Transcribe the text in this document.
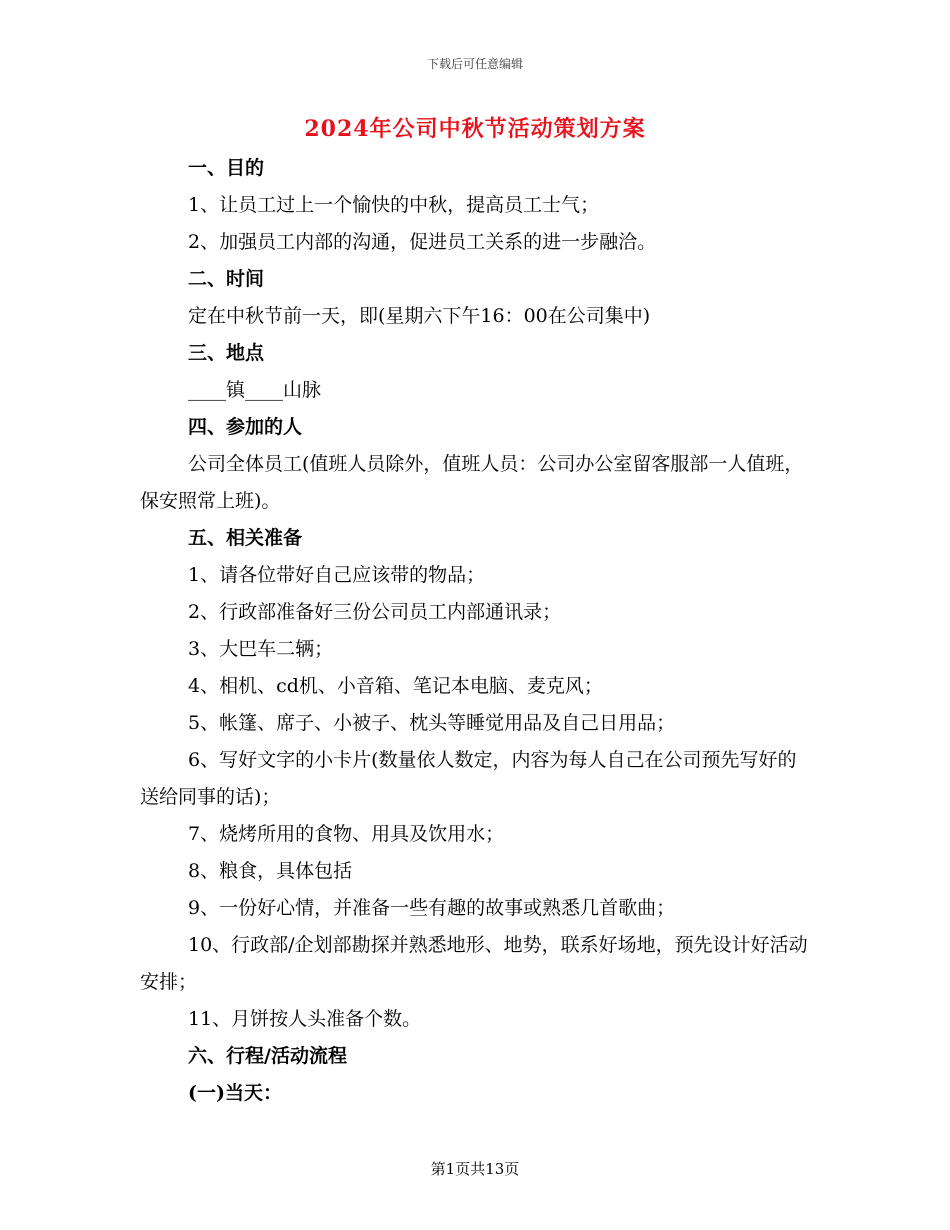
下载后可任意编辑
2024年公司中秋节活动策划方案

一、目的

1、让员工过上一个愉快的中秋，提高员工士气；

2、加强员工内部的沟通，促进员工关系的进一步融洽。

二、时间

定在中秋节前一天，即(星期六下午16：00在公司集中)

三、地点

____镇____山脉

四、参加的人

公司全体员工(值班人员除外，值班人员：公司办公室留客服部一人值班，保安照常上班)。

五、相关准备

1、请各位带好自己应该带的物品；

2、行政部准备好三份公司员工内部通讯录；

3、大巴车二辆；

4、相机、cd机、小音箱、笔记本电脑、麦克风；

5、帐篷、席子、小被子、枕头等睡觉用品及自己日用品；

6、写好文字的小卡片(数量依人数定，内容为每人自己在公司预先写好的送给同事的话)；

7、烧烤所用的食物、用具及饮用水；

8、粮食，具体包括

9、一份好心情，并准备一些有趣的故事或熟悉几首歌曲；

10、行政部/企划部勘探并熟悉地形、地势，联系好场地，预先设计好活动安排；

11、月饼按人头准备个数。

六、行程/活动流程

(一)当天：

第1页共13页
